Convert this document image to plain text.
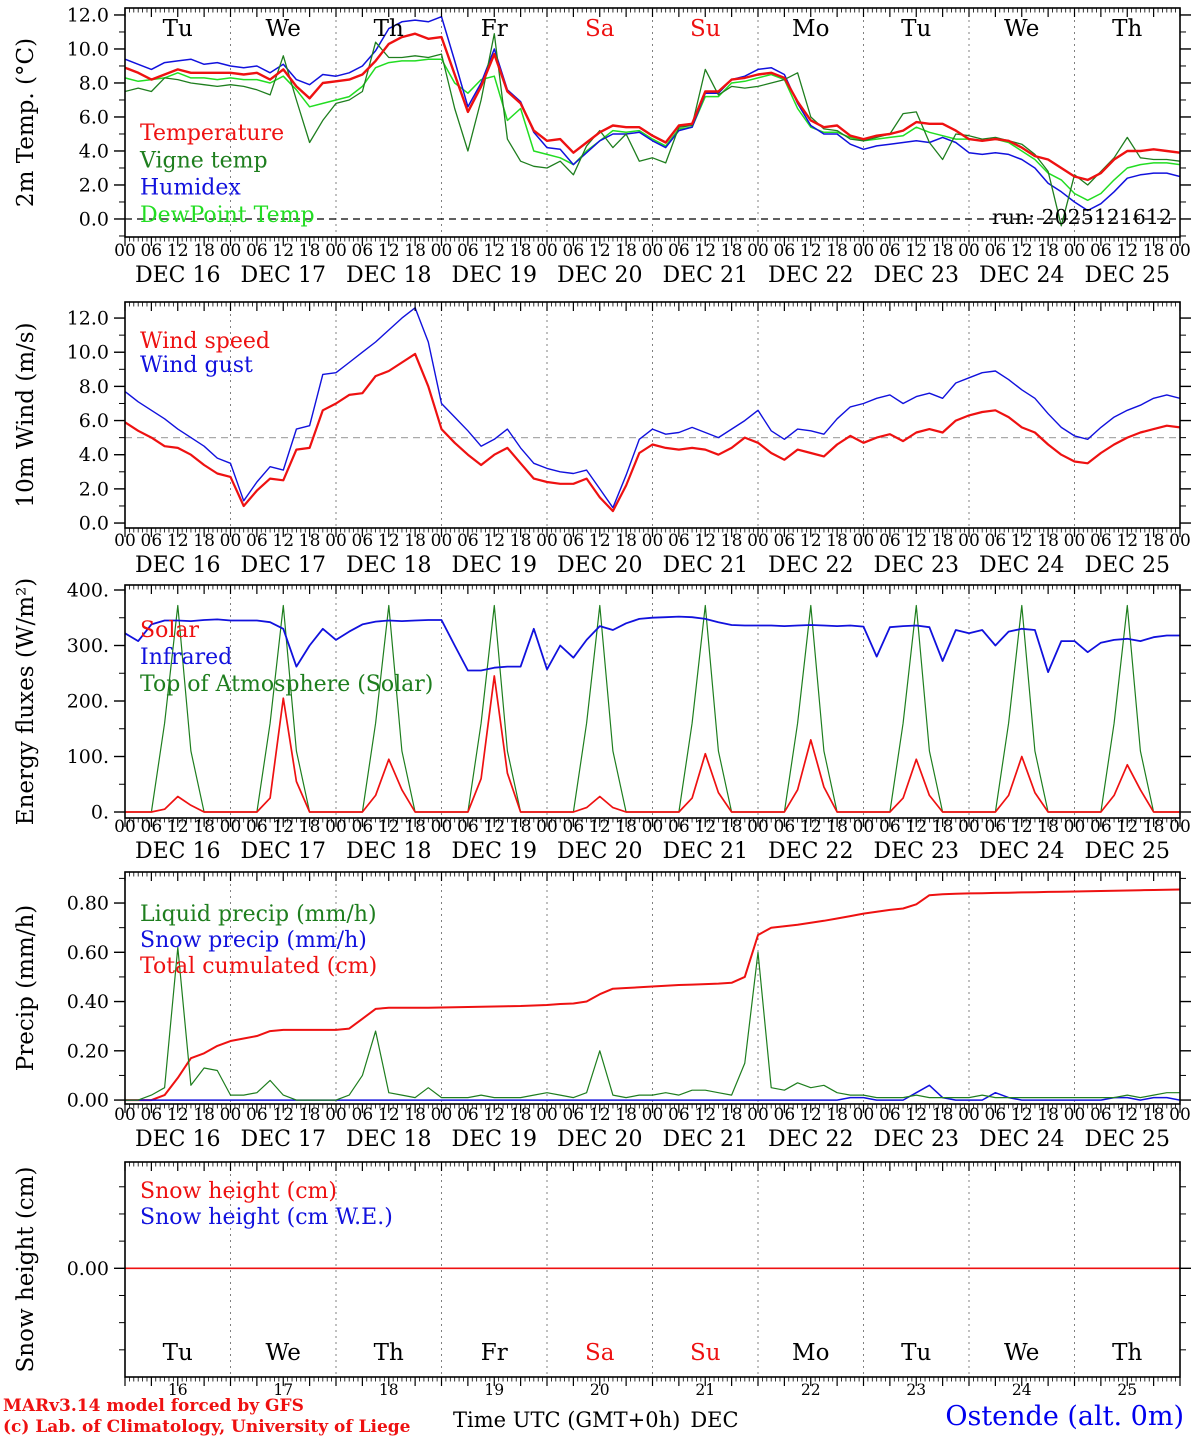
0.0
2.0
4.0
6.0
8.0
10.0
12.0
2m Temp. (°C)	Temperature
Vigne temp
Humidex
DewPoint Temp
00 06 12 18 00 06 12 18 00 06 12 18 00 06 12 18 00 06 12 18 00 06 12 18 00 06 12 18 00 06 12 18 00 06 12 18 00 06 12 18 00
DEC 16 DEC 17 DEC 18 DEC 19 DEC 20 DEC 21 DEC 22 DEC 23 DEC 24 DEC 25
Tu	We	Th	Fr	Sa	Su	Mo	Tu	We	Th
run: 2025121612
0.0
2.0
4.0
6.0
8.0
10.0
12.0
10m Wind (m/s)	Wind speed
Wind gust
00 06 12 18 00 06 12 18 00 06 12 18 00 06 12 18 00 06 12 18 00 06 12 18 00 06 12 18 00 06 12 18 00 06 12 18 00 06 12 18 00
DEC 16 DEC 17 DEC 18 DEC 19 DEC 20 DEC 21 DEC 22 DEC 23 DEC 24 DEC 25
0.
100.
200.
300.
400.
Energy fluxes (W/m²)	Solar
Infrared
Top of Atmosphere (Solar)
00 06 12 18 00 06 12 18 00 06 12 18 00 06 12 18 00 06 12 18 00 06 12 18 00 06 12 18 00 06 12 18 00 06 12 18 00 06 12 18 00
DEC 16 DEC 17 DEC 18 DEC 19 DEC 20 DEC 21 DEC 22 DEC 23 DEC 24 DEC 25
0.00
0.20
0.40
0.60
0.80
Precip (mm/h)	Liquid precip (mm/h)
Snow precip (mm/h)
Total cumulated (cm)
00 06 12 18 00 06 12 18 00 06 12 18 00 06 12 18 00 06 12 18 00 06 12 18 00 06 12 18 00 06 12 18 00 06 12 18 00 06 12 18 00
DEC 16 DEC 17 DEC 18 DEC 19 DEC 20 DEC 21 DEC 22 DEC 23 DEC 24 DEC 25
0.00
Snow height (cm)	Snow height (cm)
Snow height (cm W.E.)
Tu	We	Th	Fr	Sa	Su	Mo	Tu	We	Th
16	17	18	19	20	21	22	23	24	25
MARv3.14 model forced by GFS
(c) Lab. of Climatology, University of Liege Time UTC (GMT+0h) DEC	Ostende (alt. 0m)
